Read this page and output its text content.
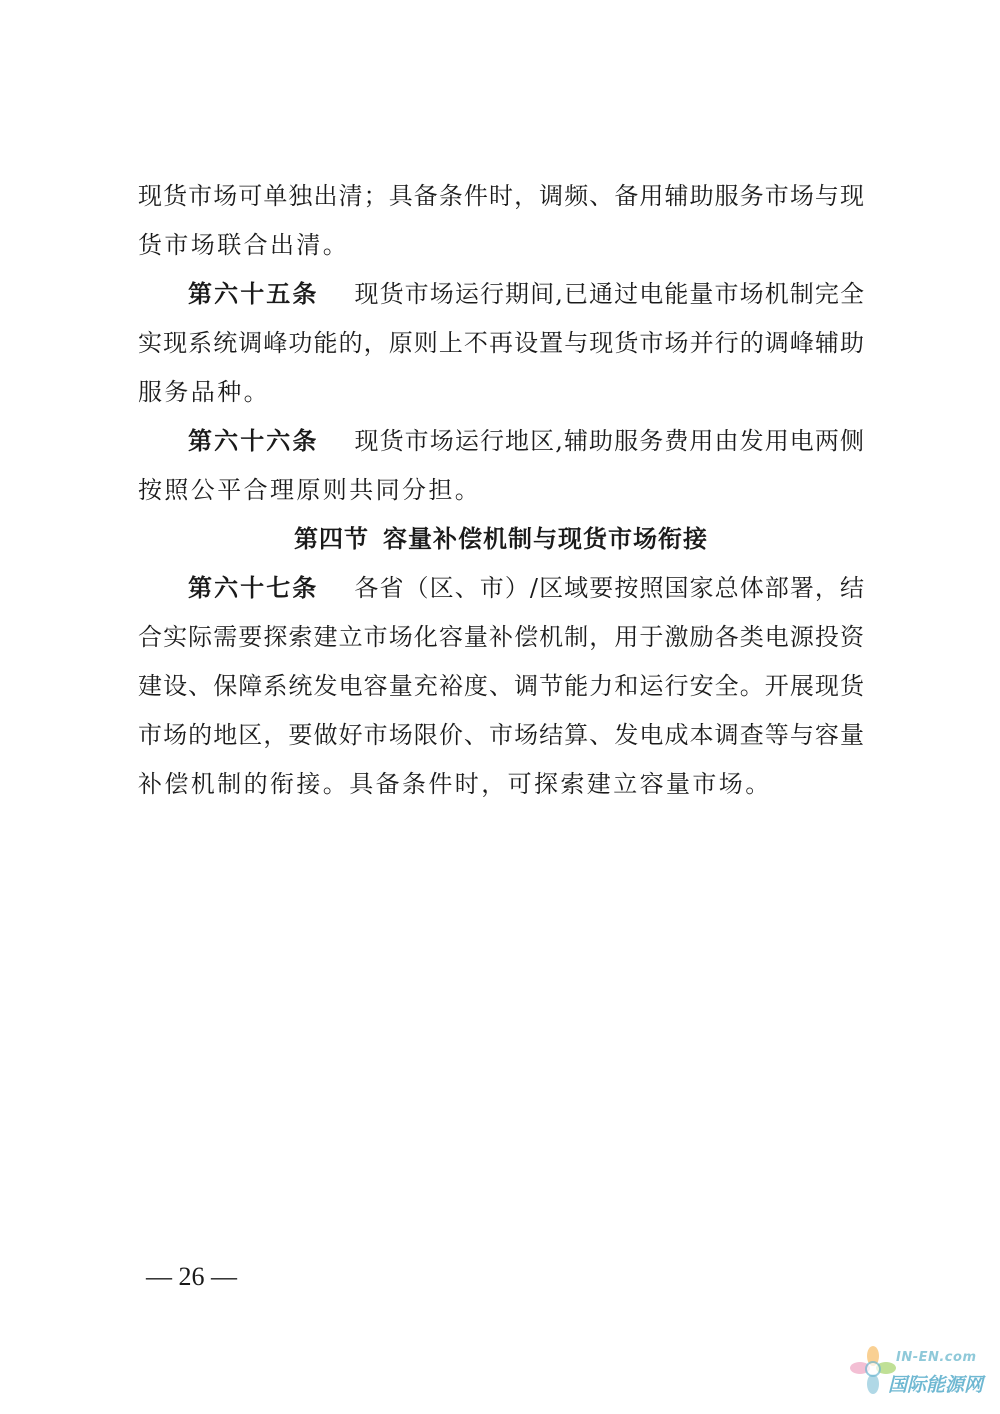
现货市场可单独出清；具备条件时，调频、备用辅助服务市场与现
货市场联合出清。
第六十五条 现货市场运行期间,已通过电能量市场机制完全
实现系统调峰功能的，原则上不再设置与现货市场并行的调峰辅助
服务品种。
第六十六条 现货市场运行地区,辅助服务费用由发用电两侧
按照公平合理原则共同分担。
第四节 容量补偿机制与现货市场衔接
第六十七条 各省（区、市）/区域要按照国家总体部署，结
合实际需要探索建立市场化容量补偿机制，用于激励各类电源投资
建设、保障系统发电容量充裕度、调节能力和运行安全。开展现货
市场的地区，要做好市场限价、市场结算、发电成本调查等与容量
补偿机制的衔接。具备条件时，可探索建立容量市场。
— 26 —
IN-EN.com
国际能源网
